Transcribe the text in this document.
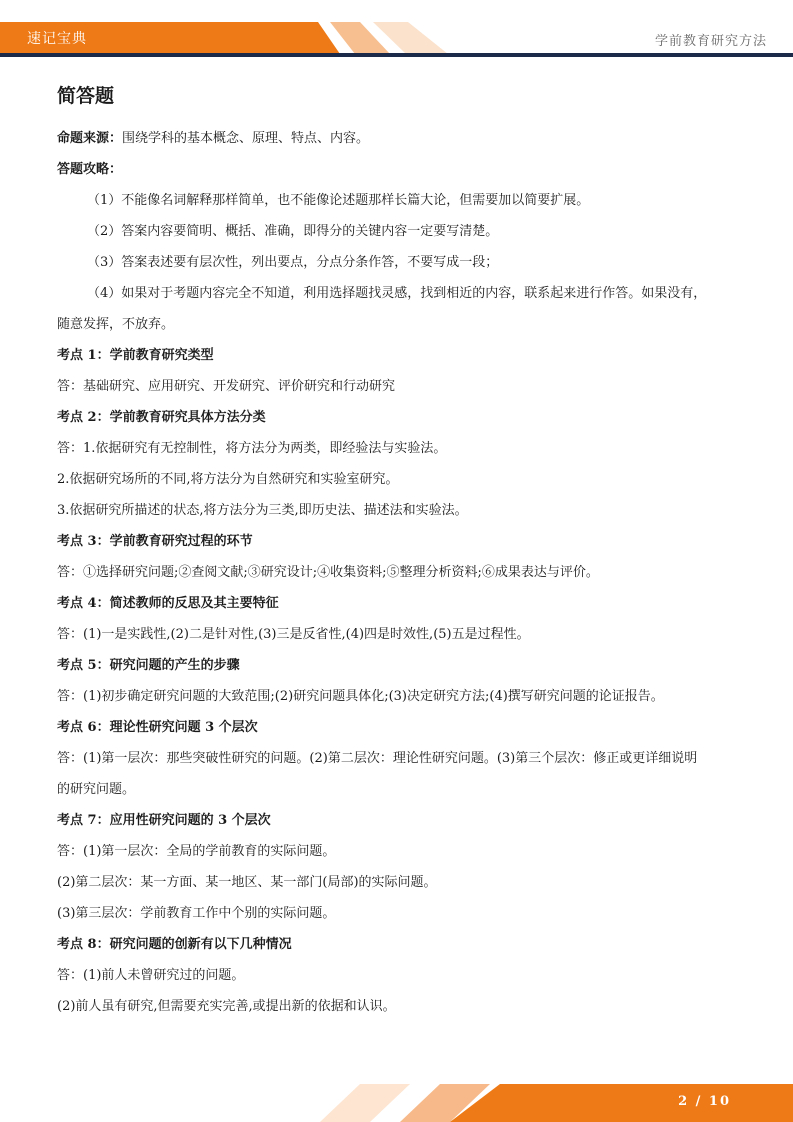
速记宝典	学前教育研究方法
简答题
命题来源：围绕学科的基本概念、原理、特点、内容。
答题攻略：
（1）不能像名词解释那样简单，也不能像论述题那样长篇大论，但需要加以简要扩展。
（2）答案内容要简明、概括、准确，即得分的关键内容一定要写清楚。
（3）答案表述要有层次性，列出要点，分点分条作答，不要写成一段；
（4）如果对于考题内容完全不知道，利用选择题找灵感，找到相近的内容，联系起来进行作答。如果没有，
随意发挥，不放弃。
考点 1：学前教育研究类型
答：基础研究、应用研究、开发研究、评价研究和行动研究
考点 2：学前教育研究具体方法分类
答：1.依据研究有无控制性，将方法分为两类，即经验法与实验法。
2.依据研究场所的不同,将方法分为自然研究和实验室研究。
3.依据研究所描述的状态,将方法分为三类,即历史法、描述法和实验法。
考点 3：学前教育研究过程的环节
答：①选择研究问题;②查阅文献;③研究设计;④收集资料;⑤整理分析资料;⑥成果表达与评价。
考点 4：简述教师的反思及其主要特征
答：(1)一是实践性,(2)二是针对性,(3)三是反省性,(4)四是时效性,(5)五是过程性。
考点 5：研究问题的产生的步骤
答：(1)初步确定研究问题的大致范围;(2)研究问题具体化;(3)决定研究方法;(4)撰写研究问题的论证报告。
考点 6：理论性研究问题 3 个层次
答：(1)第一层次：那些突破性研究的问题。(2)第二层次：理论性研究问题。(3)第三个层次：修正或更详细说明
的研究问题。
考点 7：应用性研究问题的 3 个层次
答：(1)第一层次：全局的学前教育的实际问题。
(2)第二层次：某一方面、某一地区、某一部门(局部)的实际问题。
(3)第三层次：学前教育工作中个别的实际问题。
考点 8：研究问题的创新有以下几种情况
答：(1)前人未曾研究过的问题。
(2)前人虽有研究,但需要充实完善,或提出新的依据和认识。
2 / 10
